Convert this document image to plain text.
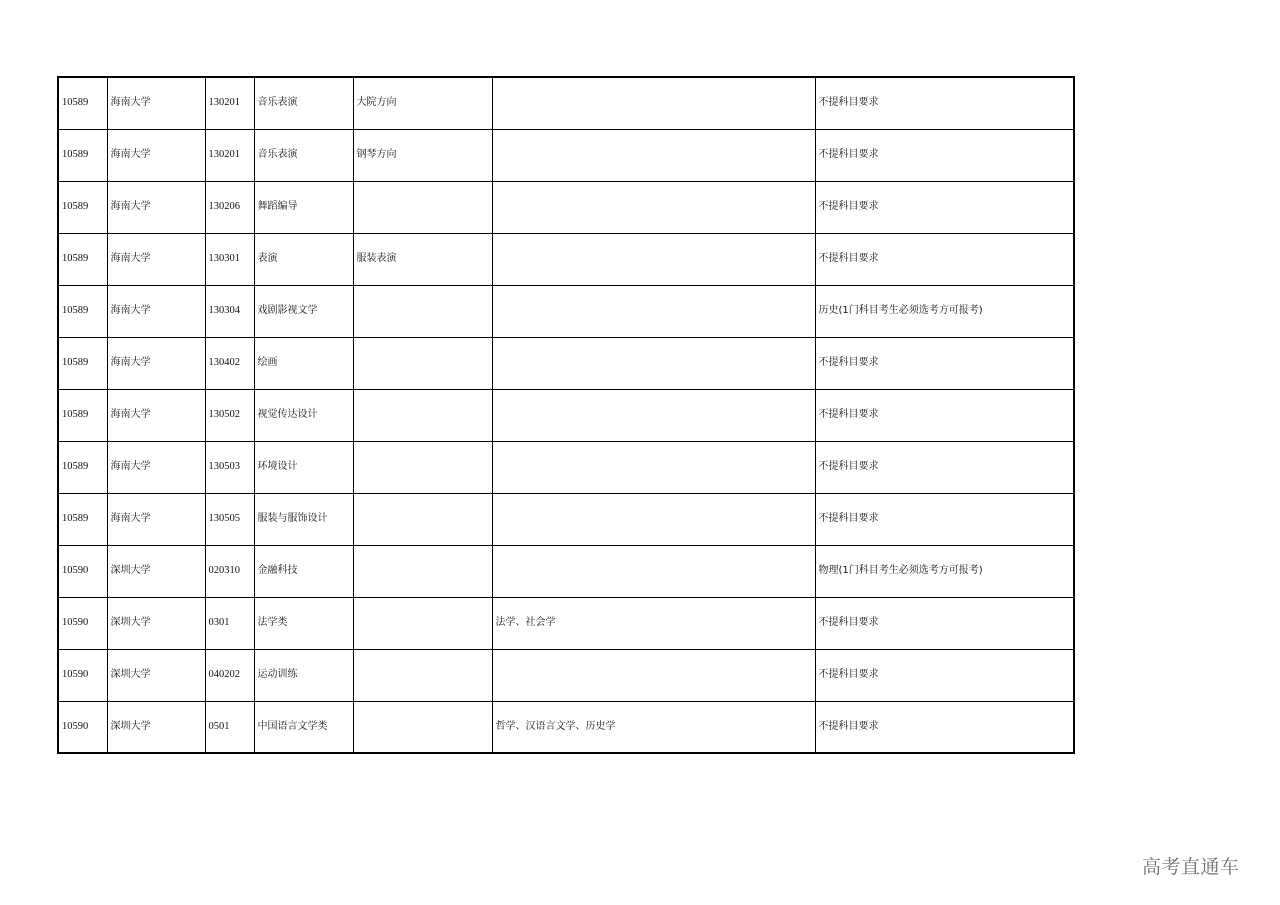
10589	海南大学	130201	音乐表演	大院方向		不提科目要求
10589	海南大学	130201	音乐表演	钢琴方向		不提科目要求
10589	海南大学	130206	舞蹈编导			不提科目要求
10589	海南大学	130301	表演	服装表演		不提科目要求
10589	海南大学	130304	戏剧影视文学			历史(1门科目考生必须选考方可报考)
10589	海南大学	130402	绘画			不提科目要求
10589	海南大学	130502	视觉传达设计			不提科目要求
10589	海南大学	130503	环境设计			不提科目要求
10589	海南大学	130505	服装与服饰设计			不提科目要求
10590	深圳大学	020310	金融科技			物理(1门科目考生必须选考方可报考)
10590	深圳大学	0301	法学类		法学、社会学	不提科目要求
10590	深圳大学	040202	运动训练			不提科目要求
10590	深圳大学	0501	中国语言文学类		哲学、汉语言文学、历史学	不提科目要求
高考直通车
